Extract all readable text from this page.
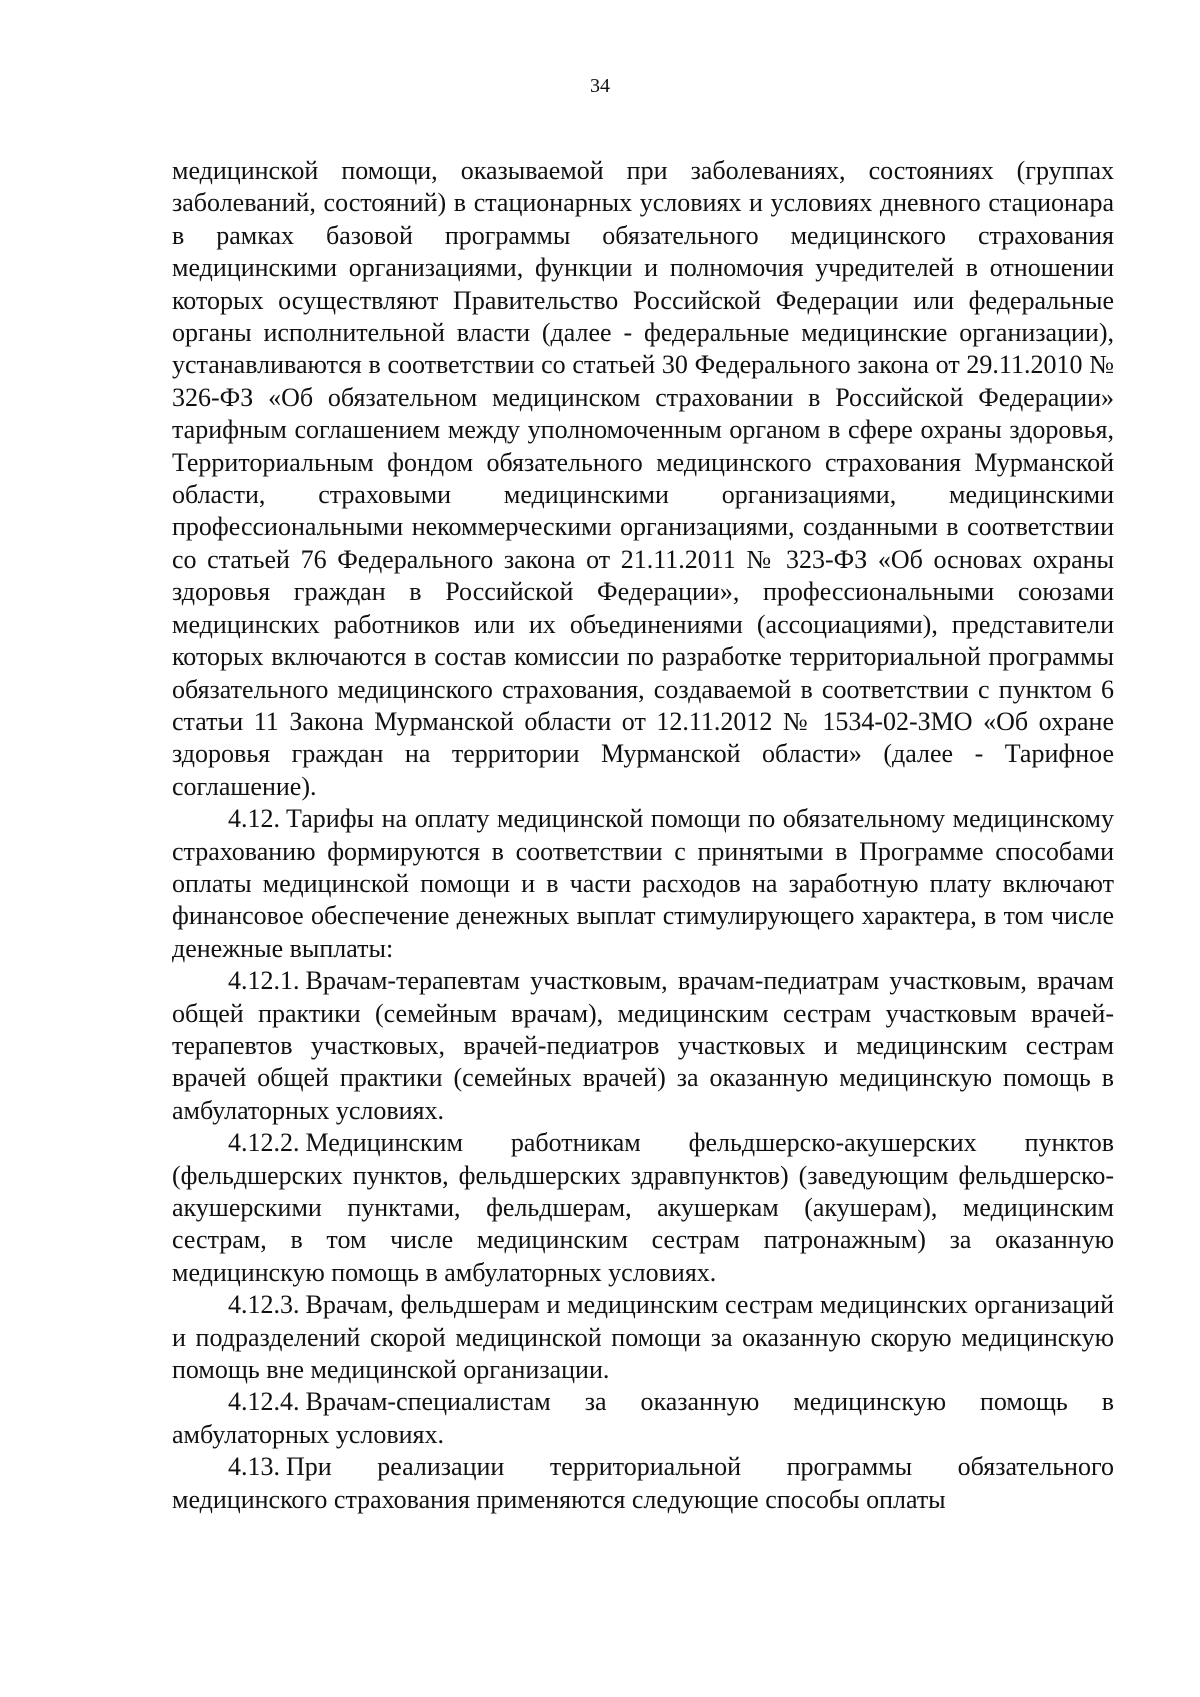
34

медицинской помощи, оказываемой при заболеваниях, состояниях (группах заболеваний, состояний) в стационарных условиях и условиях дневного стационара в рамках базовой программы обязательного медицинского страхования медицинскими организациями, функции и полномочия учредителей в отношении которых осуществляют Правительство Российской Федерации или федеральные органы исполнительной власти (далее - федеральные медицинские организации), устанавливаются в соответствии со статьей 30 Федерального закона от 29.11.2010 № 326-ФЗ «Об обязательном медицинском страховании в Российской Федерации» тарифным соглашением между уполномоченным органом в сфере охраны здоровья, Территориальным фондом обязательного медицинского страхования Мурманской области, страховыми медицинскими организациями, медицинскими профессиональными некоммерческими организациями, созданными в соответствии со статьей 76 Федерального закона от 21.11.2011 № 323-ФЗ «Об основах охраны здоровья граждан в Российской Федерации», профессиональными союзами медицинских работников или их объединениями (ассоциациями), представители которых включаются в состав комиссии по разработке территориальной программы обязательного медицинского страхования, создаваемой в соответствии с пунктом 6 статьи 11 Закона Мурманской области от 12.11.2012 № 1534-02-ЗМО «Об охране здоровья граждан на территории Мурманской области» (далее - Тарифное соглашение).

4.12. Тарифы на оплату медицинской помощи по обязательному медицинскому страхованию формируются в соответствии с принятыми в Программе способами оплаты медицинской помощи и в части расходов на заработную плату включают финансовое обеспечение денежных выплат стимулирующего характера, в том числе денежные выплаты:

4.12.1. Врачам-терапевтам участковым, врачам-педиатрам участковым, врачам общей практики (семейным врачам), медицинским сестрам участковым врачей-терапевтов участковых, врачей-педиатров участковых и медицинским сестрам врачей общей практики (семейных врачей) за оказанную медицинскую помощь в амбулаторных условиях.

4.12.2. Медицинским работникам фельдшерско-акушерских пунктов (фельдшерских пунктов, фельдшерских здравпунктов) (заведующим фельдшерско-акушерскими пунктами, фельдшерам, акушеркам (акушерам), медицинским сестрам, в том числе медицинским сестрам патронажным) за оказанную медицинскую помощь в амбулаторных условиях.

4.12.3. Врачам, фельдшерам и медицинским сестрам медицинских организаций и подразделений скорой медицинской помощи за оказанную скорую медицинскую помощь вне медицинской организации.

4.12.4. Врачам-специалистам за оказанную медицинскую помощь в амбулаторных условиях.

4.13. При реализации территориальной программы обязательного медицинского страхования применяются следующие способы оплаты
